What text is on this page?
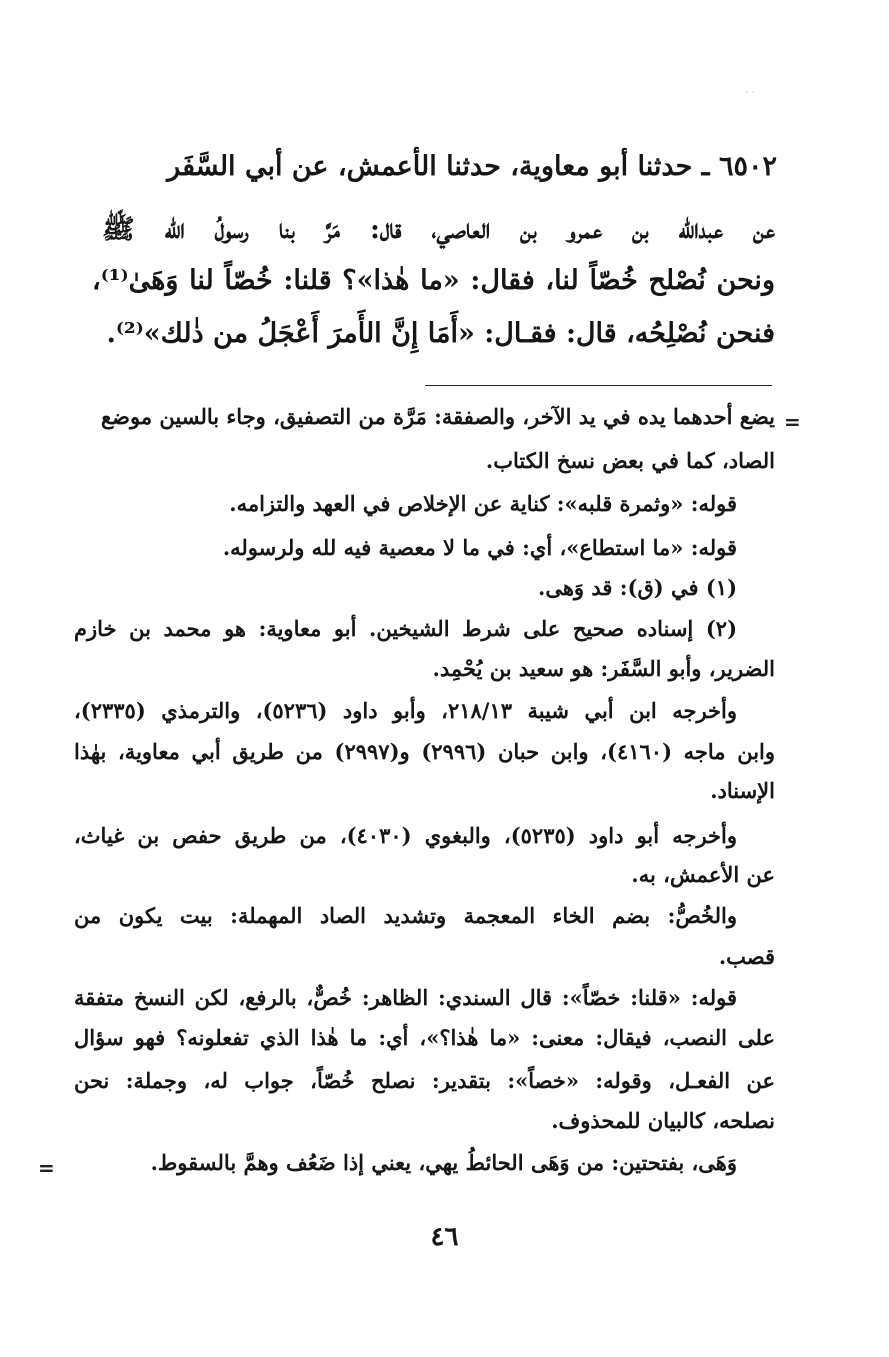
· ·
٦٥٠٢ ـ حدثنا أبو معاوية، حدثنا الأعمش، عن أبي السَّفَر
عن عبدالله بن عمرو بن العاصي، قال: مَرَّ بنا رسولُ الله ﷺ
ونحن نُصْلح خُصّاً لنا، فقال: «ما هٰذا»؟ قلنا: خُصّاً لنا وَهَىٰ⁽¹⁾،
فنحن نُصْلِحُه، قال: فقـال: «أَمَا إِنَّ الأَمرَ أَعْجَلُ من ذٰلك»⁽²⁾.
=
يضع أحدهما يده في يد الآخر، والصفقة: مَرَّة من التصفيق، وجاء بالسين موضع
الصاد، كما في بعض نسخ الكتاب.
قوله: «وثمرة قلبه»: كناية عن الإخلاص في العهد والتزامه.
قوله: «ما استطاع»، أي: في ما لا معصية فيه لله ولرسوله.
(١) في (ق): قد وَهى.
(٢) إسناده صحيح على شرط الشيخين. أبو معاوية: هو محمد بن خازم
الضرير، وأبو السَّفَر: هو سعيد بن يُحْمِد.
وأخرجه ابن أبي شيبة ٢١٨/١٣، وأبو داود (٥٢٣٦)، والترمذي (٢٣٣٥)،
وابن ماجه (٤١٦٠)، وابن حبان (٢٩٩٦) و(٢٩٩٧) من طريق أبي معاوية، بهٰذا
الإسناد.
وأخرجه أبو داود (٥٢٣٥)، والبغوي (٤٠٣٠)، من طريق حفص بن غياث،
عن الأعمش، به.
والخُصُّ: بضم الخاء المعجمة وتشديد الصاد المهملة: بيت يكون من
قصب.
قوله: «قلنا: خصّاً»: قال السندي: الظاهر: خُصٌّ، بالرفع، لكن النسخ متفقة
على النصب، فيقال: معنى: «ما هٰذا؟»، أي: ما هٰذا الذي تفعلونه؟ فهو سؤال
عن الفعـل، وقوله: «خصاً»: بتقدير: نصلح خُصّاً، جواب له، وجملة: نحن
نصلحه، كالبيان للمحذوف.
وَهَى، بفتحتين: من وَهَى الحائطُ يهي، يعني إذا ضَعُف وهمَّ بالسقوط.
=
٤٦
